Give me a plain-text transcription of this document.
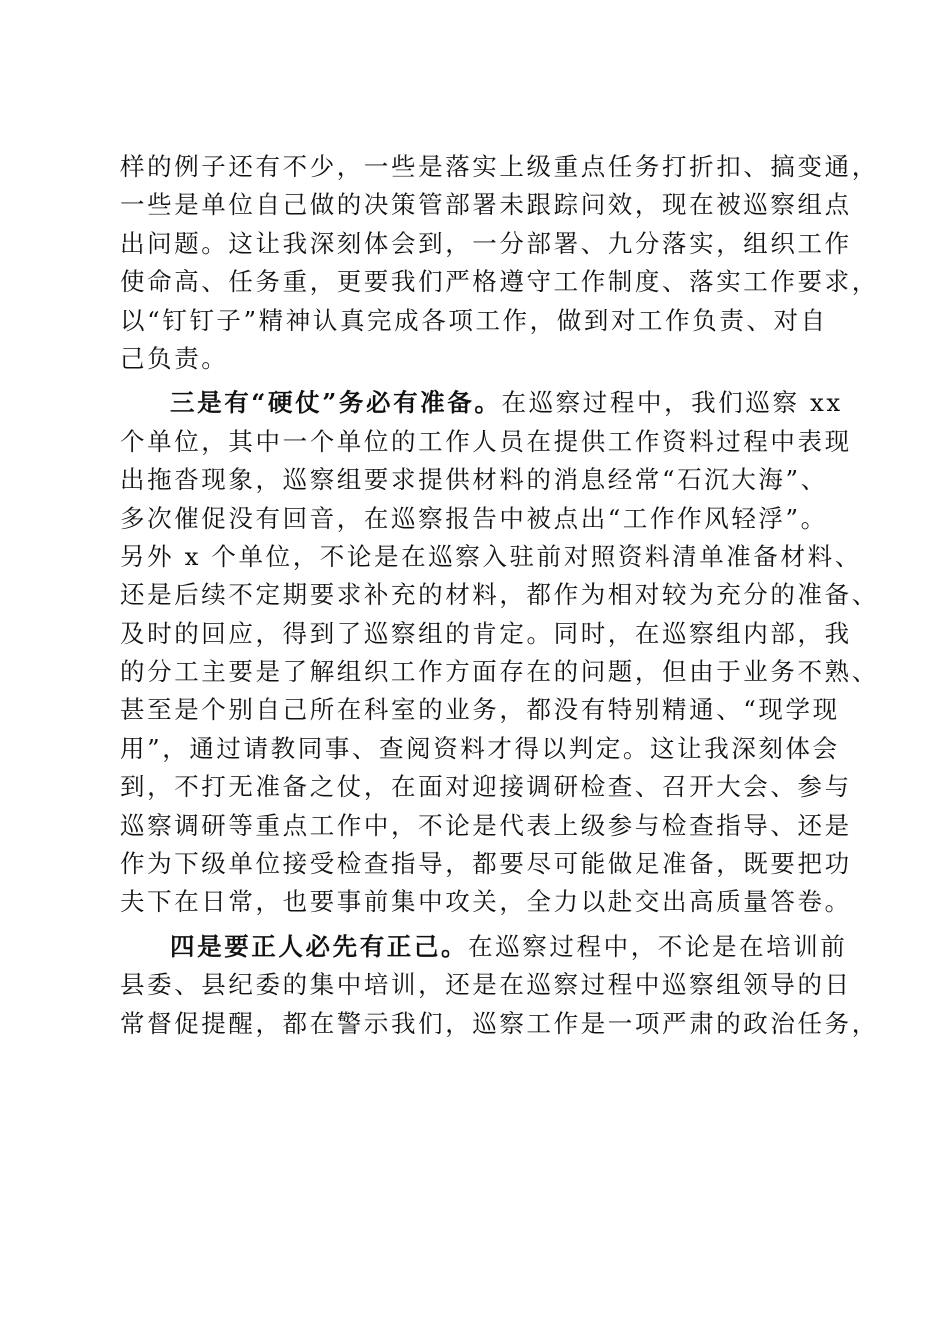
样的例子还有不少，一些是落实上级重点任务打折扣、搞变通，
一些是单位自己做的决策管部署未跟踪问效，现在被巡察组点
出问题。这让我深刻体会到，一分部署、九分落实，组织工作
使命高、任务重，更要我们严格遵守工作制度、落实工作要求，
以“钉钉子”精神认真完成各项工作，做到对工作负责、对自
己负责。
三是有“硬仗”务必有准备。在巡察过程中，我们巡察 xx
个单位，其中一个单位的工作人员在提供工作资料过程中表现
出拖沓现象，巡察组要求提供材料的消息经常“石沉大海”、
多次催促没有回音，在巡察报告中被点出“工作作风轻浮”。
另外 x 个单位，不论是在巡察入驻前对照资料清单准备材料、
还是后续不定期要求补充的材料，都作为相对较为充分的准备、
及时的回应，得到了巡察组的肯定。同时，在巡察组内部，我
的分工主要是了解组织工作方面存在的问题，但由于业务不熟、
甚至是个别自己所在科室的业务，都没有特别精通、“现学现
用”，通过请教同事、查阅资料才得以判定。这让我深刻体会
到，不打无准备之仗，在面对迎接调研检查、召开大会、参与
巡察调研等重点工作中，不论是代表上级参与检查指导、还是
作为下级单位接受检查指导，都要尽可能做足准备，既要把功
夫下在日常，也要事前集中攻关，全力以赴交出高质量答卷。
四是要正人必先有正己。在巡察过程中，不论是在培训前
县委、县纪委的集中培训，还是在巡察过程中巡察组领导的日
常督促提醒，都在警示我们，巡察工作是一项严肃的政治任务，
